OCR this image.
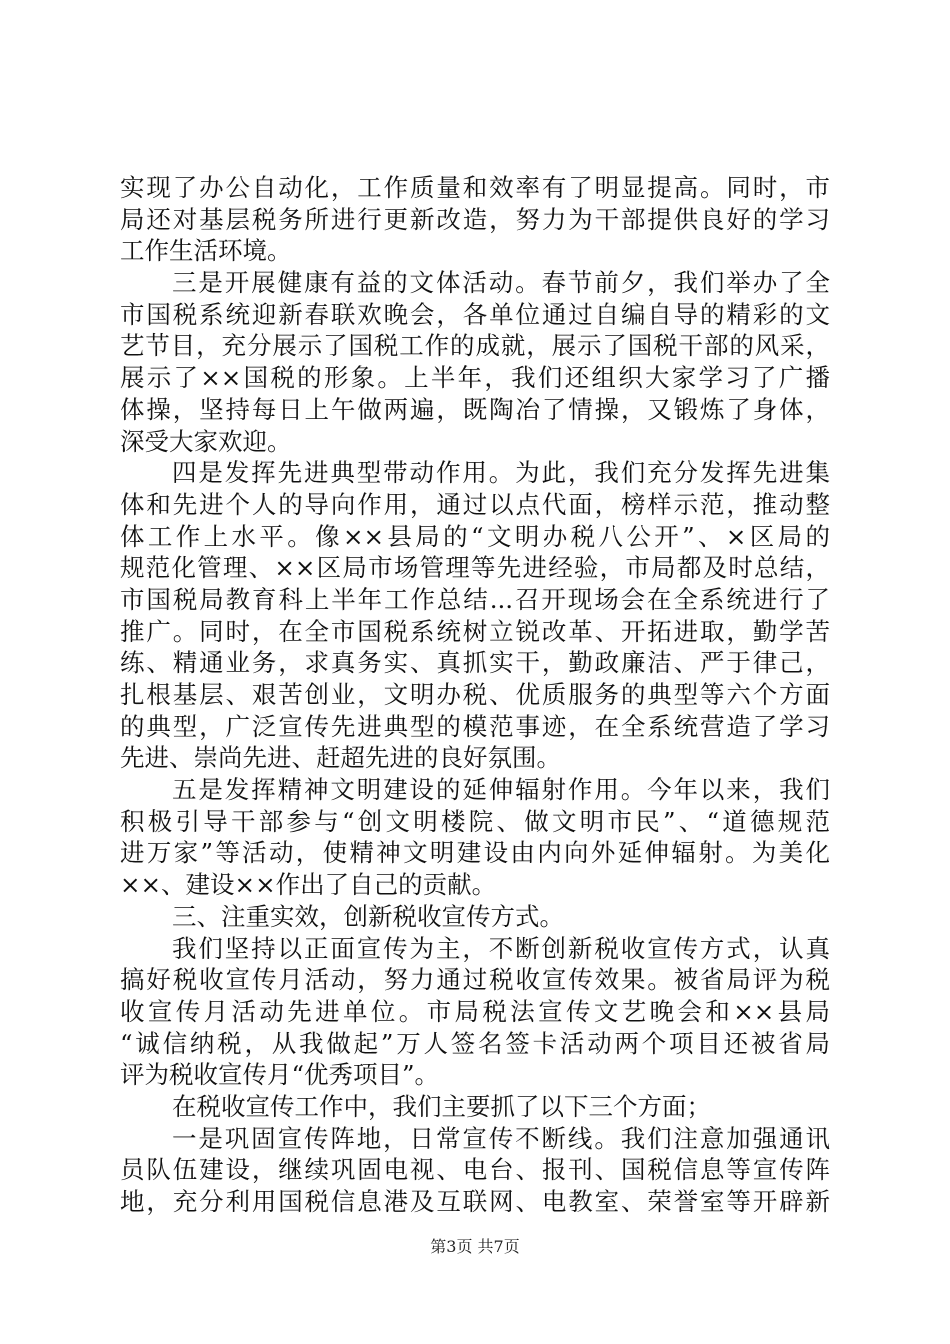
实现了办公自动化，工作质量和效率有了明显提高。同时，市
局还对基层税务所进行更新改造，努力为干部提供良好的学习
工作生活环境。
三是开展健康有益的文体活动。春节前夕，我们举办了全
市国税系统迎新春联欢晚会，各单位通过自编自导的精彩的文
艺节目，充分展示了国税工作的成就，展示了国税干部的风采，
展示了××国税的形象。上半年，我们还组织大家学习了广播
体操，坚持每日上午做两遍，既陶冶了情操，又锻炼了身体，
深受大家欢迎。
四是发挥先进典型带动作用。为此，我们充分发挥先进集
体和先进个人的导向作用，通过以点代面，榜样示范，推动整
体工作上水平。像××县局的“文明办税八公开”、×区局的
规范化管理、××区局市场管理等先进经验，市局都及时总结，
市国税局教育科上半年工作总结...召开现场会在全系统进行了
推广。同时，在全市国税系统树立锐改革、开拓进取，勤学苦
练、精通业务，求真务实、真抓实干，勤政廉洁、严于律己，
扎根基层、艰苦创业，文明办税、优质服务的典型等六个方面
的典型，广泛宣传先进典型的模范事迹，在全系统营造了学习
先进、崇尚先进、赶超先进的良好氛围。
五是发挥精神文明建设的延伸辐射作用。今年以来，我们
积极引导干部参与“创文明楼院、做文明市民”、“道德规范
进万家”等活动，使精神文明建设由内向外延伸辐射。为美化
××、建设××作出了自己的贡献。
三、注重实效，创新税收宣传方式。
我们坚持以正面宣传为主，不断创新税收宣传方式，认真
搞好税收宣传月活动，努力通过税收宣传效果。被省局评为税
收宣传月活动先进单位。市局税法宣传文艺晚会和××县局
“诚信纳税，从我做起”万人签名签卡活动两个项目还被省局
评为税收宣传月“优秀项目”。
在税收宣传工作中，我们主要抓了以下三个方面；
一是巩固宣传阵地，日常宣传不断线。我们注意加强通讯
员队伍建设，继续巩固电视、电台、报刊、国税信息等宣传阵
地，充分利用国税信息港及互联网、电教室、荣誉室等开辟新
第3页 共7页
